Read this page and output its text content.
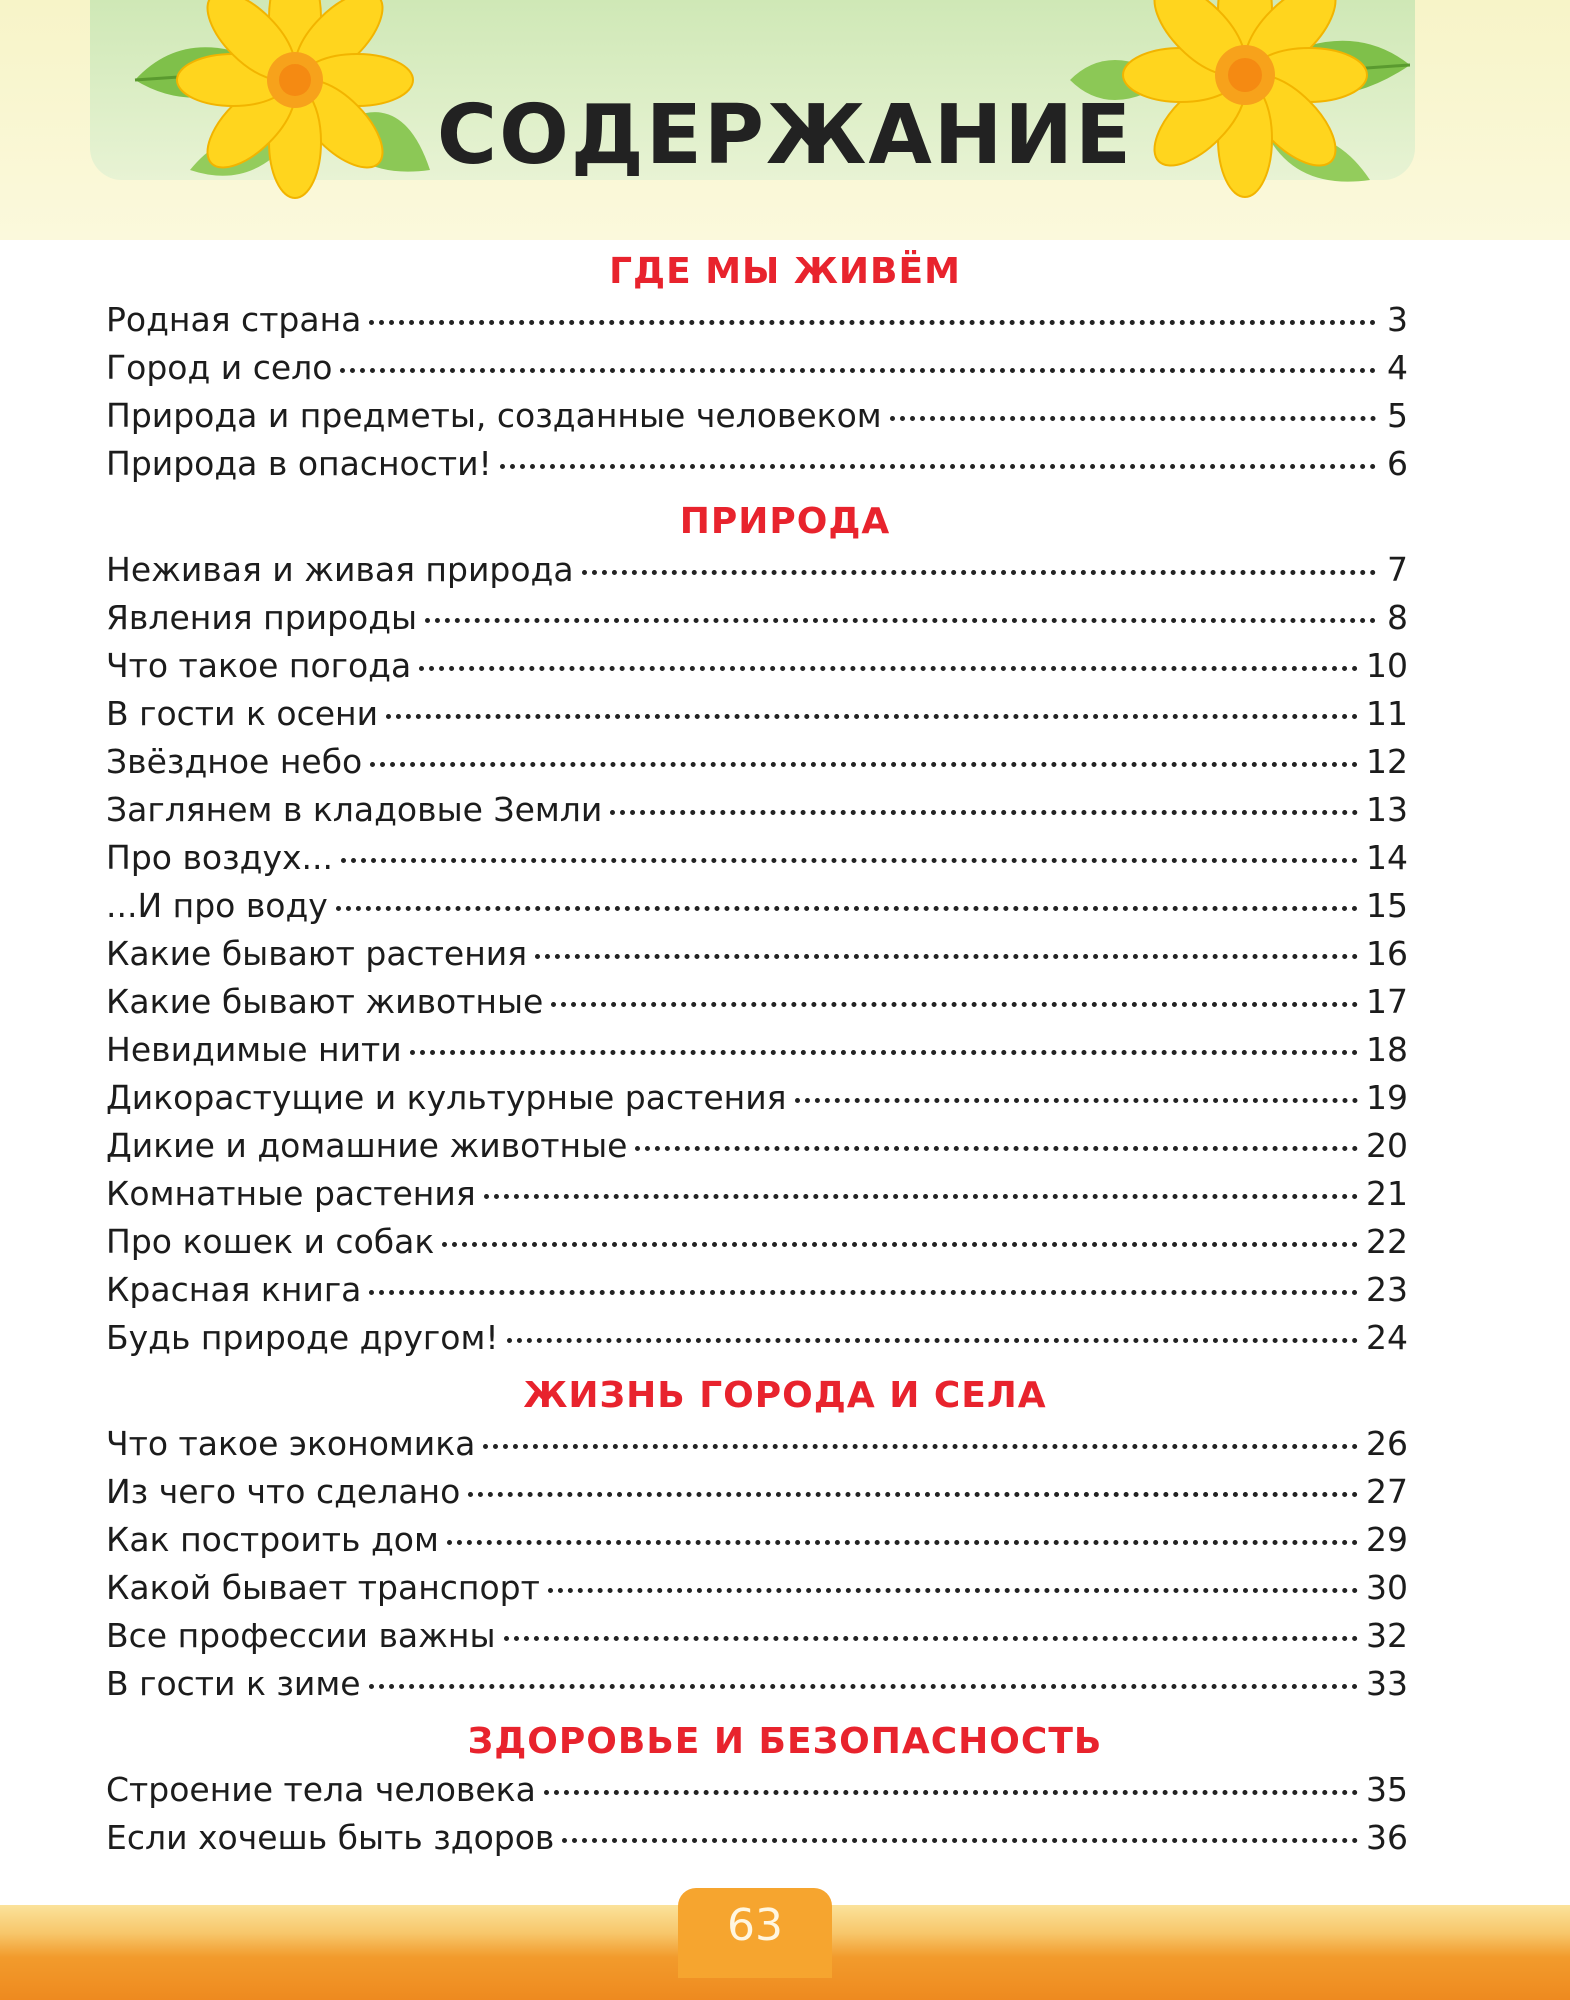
СОДЕРЖАНИЕ
ГДЕ МЫ ЖИВЁМ
Родная страна	3
Город и село	4
Природа и предметы, созданные человеком	5
Природа в опасности!	6
ПРИРОДА
Неживая и живая природа	7
Явления природы	8
Что такое погода	10
В гости к осени	11
Звёздное небо	12
Заглянем в кладовые Земли	13
Про воздух...	14
...И про воду	15
Какие бывают растения	16
Какие бывают животные	17
Невидимые нити	18
Дикорастущие и культурные растения	19
Дикие и домашние животные	20
Комнатные растения	21
Про кошек и собак	22
Красная книга	23
Будь природе другом!	24
ЖИЗНЬ ГОРОДА И СЕЛА
Что такое экономика	26
Из чего что сделано	27
Как построить дом	29
Какой бывает транспорт	30
Все профессии важны	32
В гости к зиме	33
ЗДОРОВЬЕ И БЕЗОПАСНОСТЬ
Строение тела человека	35
Если хочешь быть здоров	36
63
